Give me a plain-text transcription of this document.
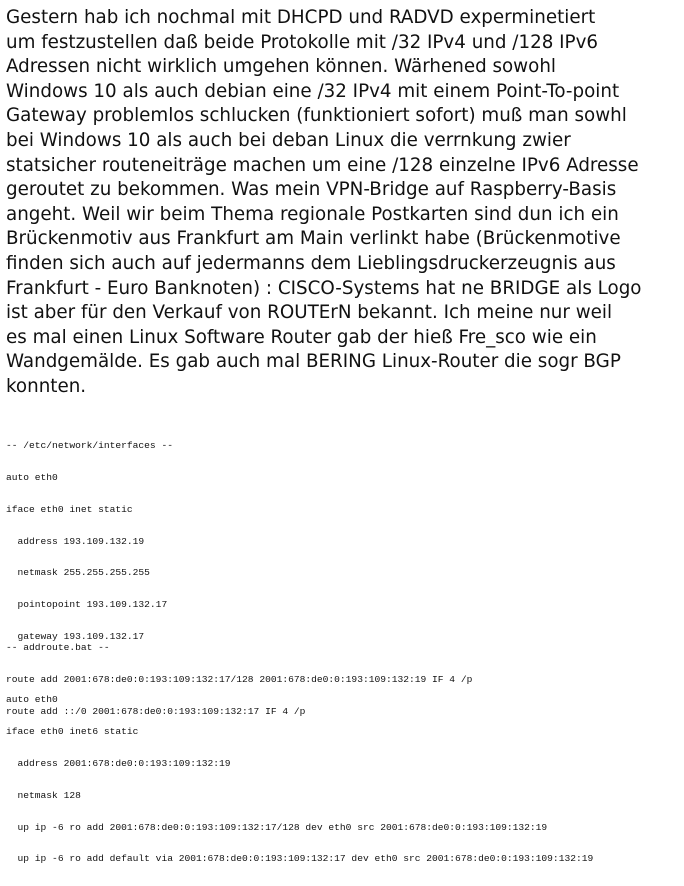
Gestern hab ich nochmal mit DHCPD und RADVD experminetiert
um festzustellen daß beide Protokolle mit /32 IPv4 und /128 IPv6
Adressen nicht wirklich umgehen können. Wärhened sowohl
Windows 10 als auch debian eine /32 IPv4 mit einem Point-To-point
Gateway problemlos schlucken (funktioniert sofort) muß man sowhl
bei Windows 10 als auch bei deban Linux die verrnkung zwier
statsicher routeneiträge machen um eine /128 einzelne IPv6 Adresse
geroutet zu bekommen. Was mein VPN-Bridge auf Raspberry-Basis
angeht. Weil wir beim Thema regionale Postkarten sind dun ich ein
Brückenmotiv aus Frankfurt am Main verlinkt habe (Brückenmotive
finden sich auch auf jedermanns dem Lieblingsdruckerzeugnis aus
Frankfurt - Euro Banknoten) : CISCO-Systems hat ne BRIDGE als Logo
ist aber für den Verkauf von ROUTErN bekannt. Ich meine nur weil
es mal einen Linux Software Router gab der hieß Fre_sco wie ein
Wandgemälde. Es gab auch mal BERING Linux-Router die sogr BGP
konnten.

-- /etc/network/interfaces --

auto eth0

iface eth0 inet static

address 193.109.132.19

netmask 255.255.255.255

pointopoint 193.109.132.17

gateway 193.109.132.17

auto eth0

iface eth0 inet6 static

address 2001:678:de0:0:193:109:132:19

netmask 128

up ip -6 ro add 2001:678:de0:0:193:109:132:17/128 dev eth0 src 2001:678:de0:0:193:109:132:19

up ip -6 ro add default via 2001:678:de0:0:193:109:132:17 dev eth0 src 2001:678:de0:0:193:109:132:19

-- addroute.bat --

route add 2001:678:de0:0:193:109:132:17/128 2001:678:de0:0:193:109:132:19 IF 4 /p

route add ::/0 2001:678:de0:0:193:109:132:17 IF 4 /p
